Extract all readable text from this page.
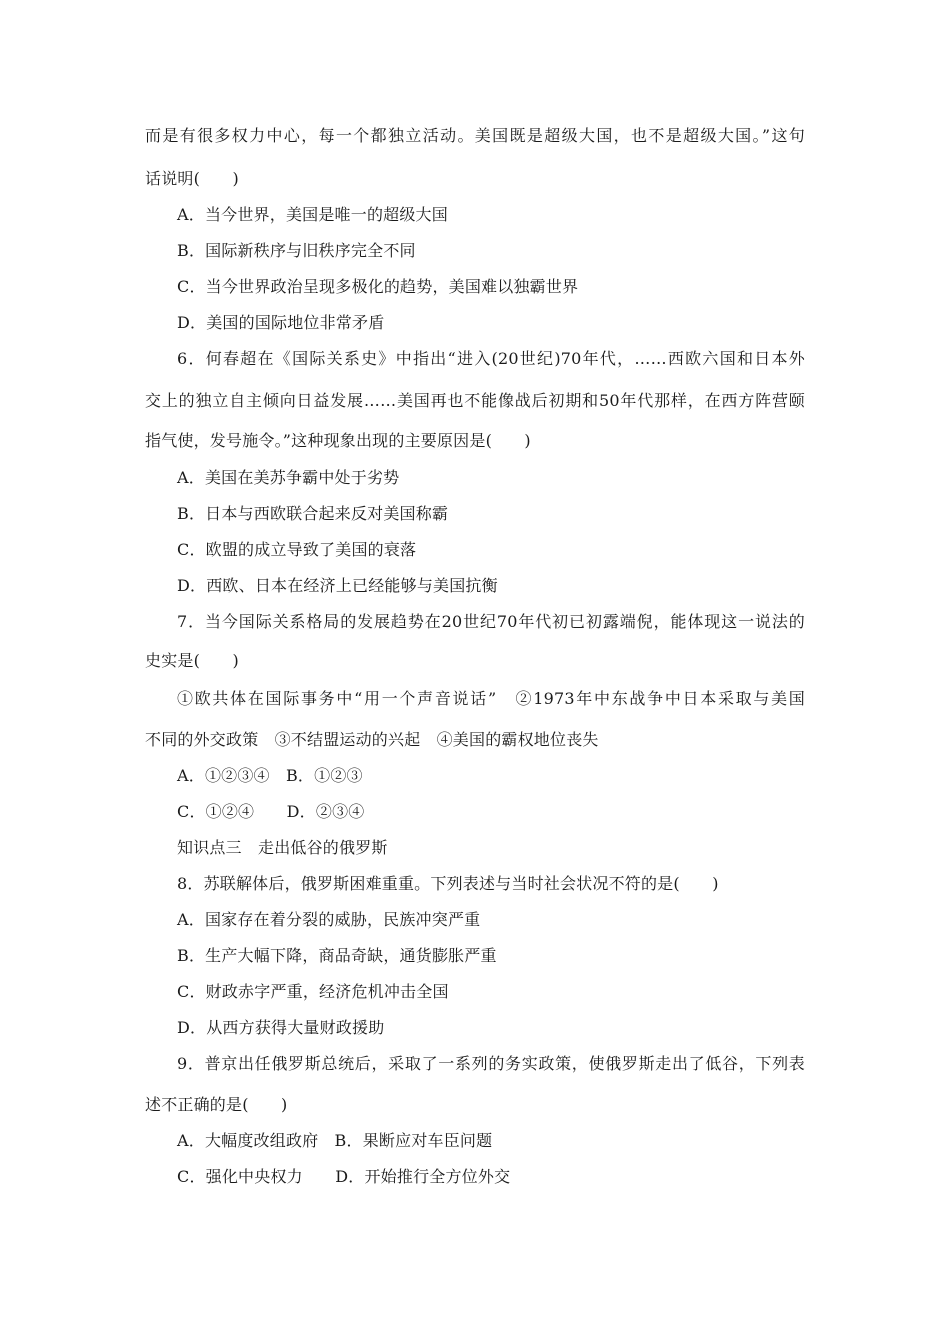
而是有很多权力中心，每一个都独立活动。美国既是超级大国，也不是超级大国。”这句
话说明(　　)
A．当今世界，美国是唯一的超级大国
B．国际新秩序与旧秩序完全不同
C．当今世界政治呈现多极化的趋势，美国难以独霸世界
D．美国的国际地位非常矛盾
6．何春超在《国际关系史》中指出“进入(20世纪)70年代，……西欧六国和日本外
交上的独立自主倾向日益发展……美国再也不能像战后初期和50年代那样，在西方阵营颐
指气使，发号施令。”这种现象出现的主要原因是(　　)
A．美国在美苏争霸中处于劣势
B．日本与西欧联合起来反对美国称霸
C．欧盟的成立导致了美国的衰落
D．西欧、日本在经济上已经能够与美国抗衡
7．当今国际关系格局的发展趋势在20世纪70年代初已初露端倪，能体现这一说法的
史实是(　　)
①欧共体在国际事务中“用一个声音说话”　②1973年中东战争中日本采取与美国
不同的外交政策　③不结盟运动的兴起　④美国的霸权地位丧失
A．①②③④　B．①②③
C．①②④　　D．②③④
知识点三　走出低谷的俄罗斯
8．苏联解体后，俄罗斯困难重重。下列表述与当时社会状况不符的是(　　)
A．国家存在着分裂的威胁，民族冲突严重
B．生产大幅下降，商品奇缺，通货膨胀严重
C．财政赤字严重，经济危机冲击全国
D．从西方获得大量财政援助
9．普京出任俄罗斯总统后，采取了一系列的务实政策，使俄罗斯走出了低谷，下列表
述不正确的是(　　)
A．大幅度改组政府　B．果断应对车臣问题
C．强化中央权力　　D．开始推行全方位外交
